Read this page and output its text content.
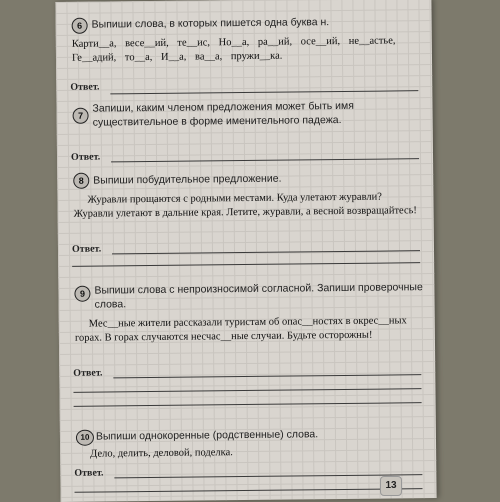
6 Выпиши слова, в которых пишется одна буква н.
Карти__а, весе__ий, те__ис, Но__а, ра__ий, осе__ий, не__астье, Ге__адий, то__а, И__а, ва__а, пружи__ка.
Ответ.
7
Запиши, каким членом предложения может быть имя существительное в форме именительного падежа.
Ответ.
8 Выпиши побудительное предложение.
Журавли прощаются с родными местами. Куда улетают журавли? Журавли улетают в дальние края. Летите, журавли, а весной возвращайтесь!
Ответ.
9 Выпиши слова с непроизносимой согласной. Запиши проверочные слова.
Мес__ные жители рассказали туристам об опас__ностях в окрес__ных горах. В горах случаются несчас__ные случаи. Будьте осторожны!
Ответ.
10 Выпиши однокоренные (родственные) слова.
Дело, делить, деловой, поделка.
Ответ.
13
